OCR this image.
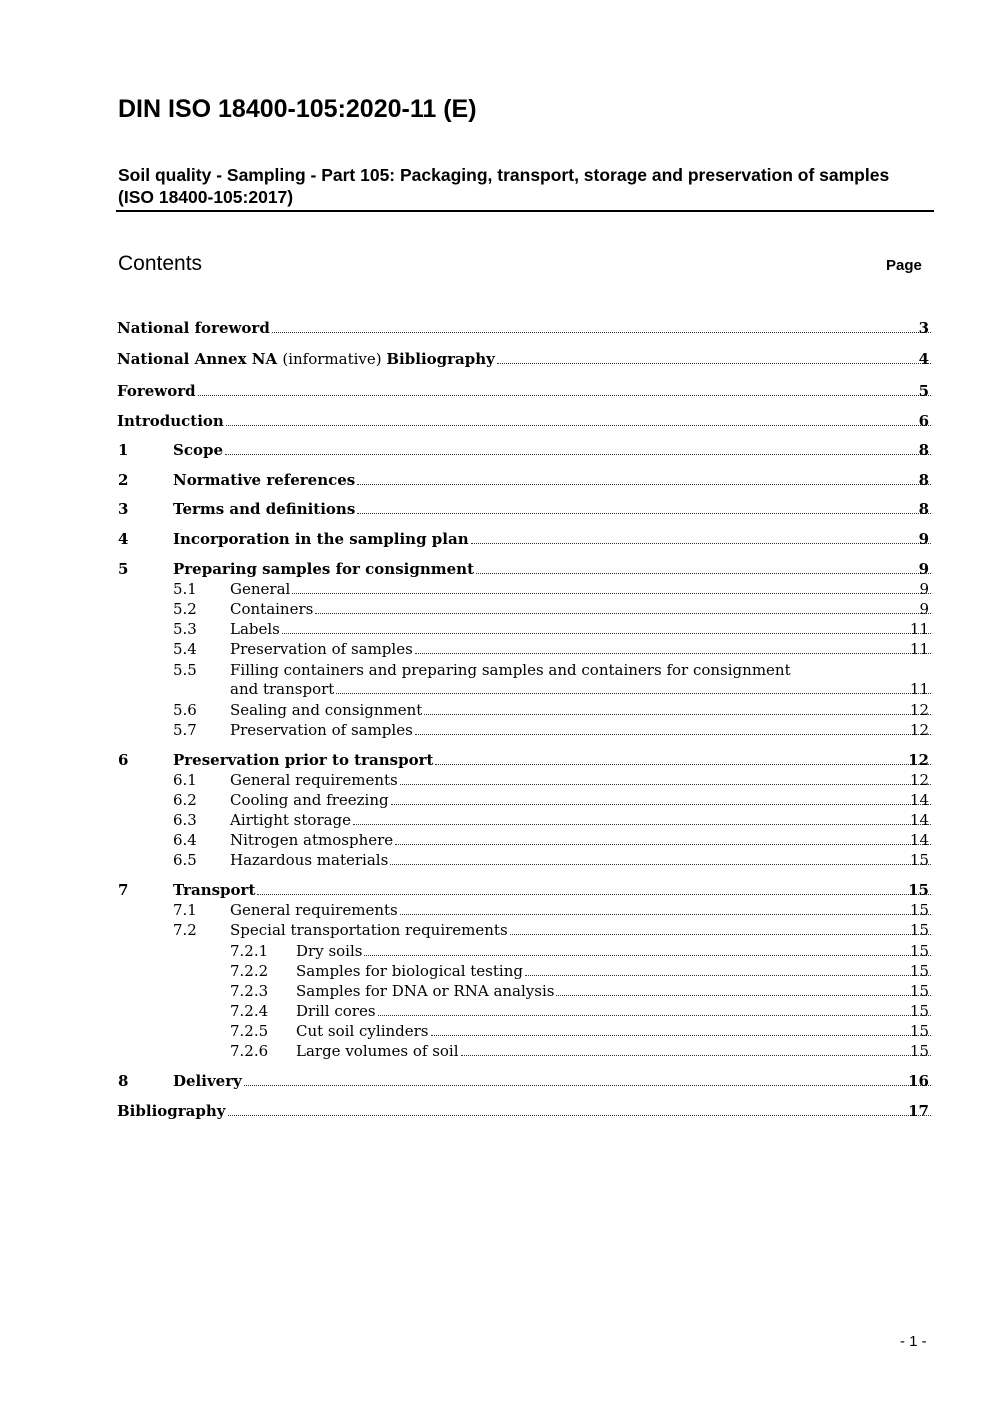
DIN ISO 18400-105:2020-11 (E)
Soil quality - Sampling - Part 105: Packaging, transport, storage and preservation of samples (ISO 18400-105:2017)
Contents	Page
National foreword	3
National Annex NA (informative) Bibliography	4
Foreword	5
Introduction	6
1	Scope	8
2	Normative references	8
3	Terms and definitions	8
4	Incorporation in the sampling plan	9
5	Preparing samples for consignment	9
5.1 General	9
5.2 Containers	9
5.3 Labels	11
5.4 Preservation of samples	11
5.5 Filling containers and preparing samples and containers for consignment
and transport	11
5.6 Sealing and consignment	12
5.7 Preservation of samples	12
6	Preservation prior to transport	12
6.1 General requirements	12
6.2 Cooling and freezing	14
6.3 Airtight storage	14
6.4 Nitrogen atmosphere	14
6.5 Hazardous materials	15
7	Transport	15
7.1 General requirements	15
7.2 Special transportation requirements	15
7.2.1 Dry soils	15
7.2.2 Samples for biological testing	15
7.2.3 Samples for DNA or RNA analysis	15
7.2.4 Drill cores	15
7.2.5 Cut soil cylinders	15
7.2.6 Large volumes of soil	15
8	Delivery	16
Bibliography	17
- 1 -
